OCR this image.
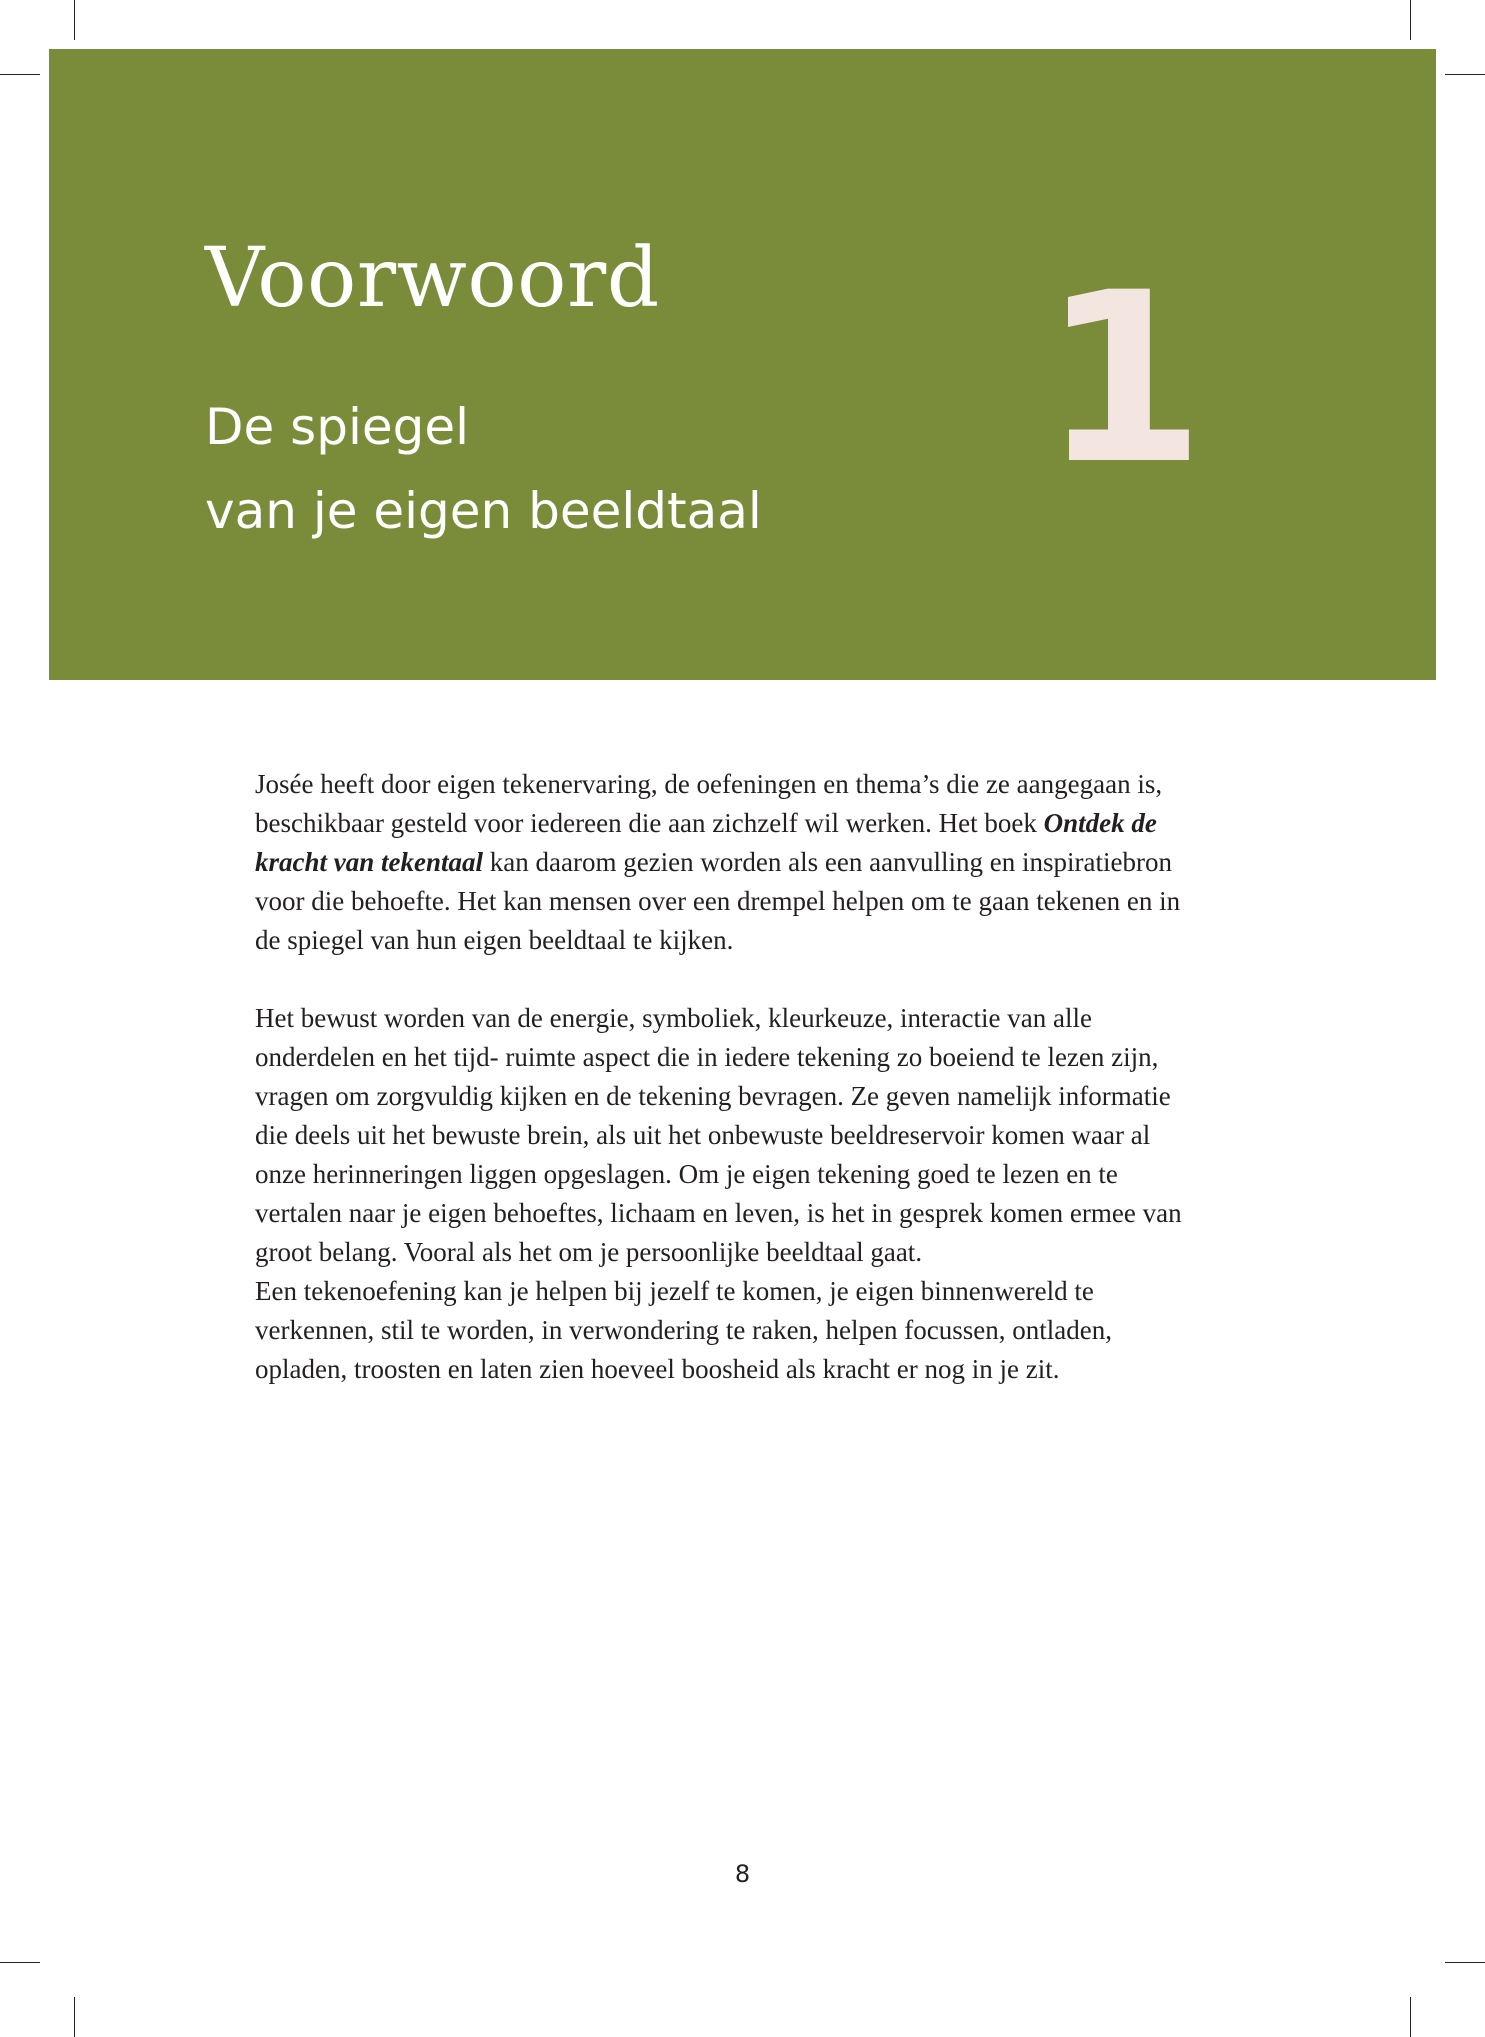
Voorwoord
De spiegel
van je eigen beeldtaal 1

Josée heeft door eigen tekenervaring, de oefeningen en thema’s die ze aangegaan is, beschikbaar gesteld voor iedereen die aan zichzelf wil werken. Het boek Ontdek de kracht van tekentaal kan daarom gezien worden als een aanvulling en inspiratiebron voor die behoefte. Het kan mensen over een drempel helpen om te gaan tekenen en in de spiegel van hun eigen beeldtaal te kijken.

Het bewust worden van de energie, symboliek, kleurkeuze, interactie van alle onderdelen en het tijd- ruimte aspect die in iedere tekening zo boeiend te lezen zijn, vragen om zorgvuldig kijken en de tekening bevragen. Ze geven namelijk informatie die deels uit het bewuste brein, als uit het onbewuste beeldreservoir komen waar al onze herinneringen liggen opgeslagen. Om je eigen tekening goed te lezen en te vertalen naar je eigen behoeftes, lichaam en leven, is het in gesprek komen ermee van groot belang. Vooral als het om je persoonlijke beeldtaal gaat.

Een tekenoefening kan je helpen bij jezelf te komen, je eigen binnenwereld te verkennen, stil te worden, in verwondering te raken, helpen focussen, ontladen, opladen, troosten en laten zien hoeveel boosheid als kracht er nog in je zit.

8
